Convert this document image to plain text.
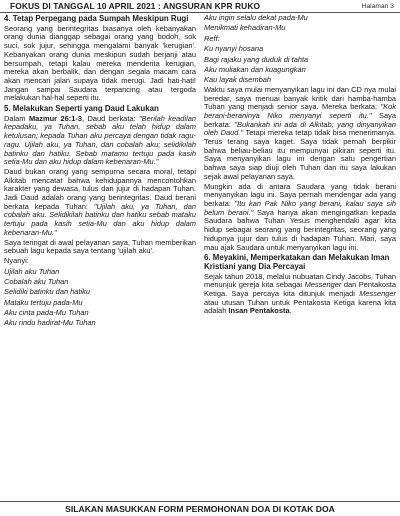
FOKUS DI TANGGAL 10 APRIL 2021 : ANGSURAN KPR RUKO	Halaman 3
4. Tetap Perpegang pada Sumpah Meskipun Rugi

Seorang yang berintegritas biasanya oleh kebanyakan orang dunia dianggap sebagai orang yang bodoh, sok suci, sok jujur, sehingga mengalami banyak 'kerugian'. Kebanyakan orang dunia meskipun sudah berjanji atau bersumpah, tetapi kalau mereka menderita kerugian, mereka akan berbalik, dan dengan segala macam cara akan mencari jalan supaya tidak merugi. Jadi hati-hati! Jangan sampai Saudara terpancing atau tergoda melakukan hal-hal seperti itu.

5. Melakukan Seperti yang Daud Lakukan

Dalam Mazmur 26:1-3, Daud berkata: "Berilah keadilan kepadaku, ya Tuhan, sebab aku telah hidup dalam ketulusan; kepada Tuhan aku percaya dengan tidak ragu-ragu. Ujilah aku, ya Tuhan, dan cobalah aku; selidikilah batinku dan hatiku. Sebab matamu tertuju pada kasih setia-Mu dan aku hidup dalam kebenaran-Mu."

Daud bukan orang yang sempurna secara moral, tetapi Alkitab mencatat bahwa kehidupannya mencontohkan karakter yang dewasa, tulus dan jujur di hadapan Tuhan. Jadi Daud adalah orang yang berintegritas. Daud berani berkata kepada Tuhan: "Ujilah aku, ya Tuhan, dan cobalah aku. Selidikilah batinku dan hatiku sebab mataku tertuju pada kasih setia-Mu dan aku hidup dalam kebenaran-Mu."

Saya teringat di awal pelayanan saya, Tuhan memberikan sebuah lagu kepada saya tentang 'ujilah aku'.

Nyanyi:

Ujilah aku Tuhan
Cobalah aku Tuhan
Selidiki batinku dan hatiku
Mataku tertuju pada-Mu
Aku cinta pada-Mu Tuhan
Aku rindu hadirat-Mu Tuhan
Aku ingin selalu dekat pada-Mu
Menikmati kehadiran-Mu
Reff:
Ku nyanyi hosana
Bagi rajaku yang duduk di tahta
Aku muliakan dan kuagungkan
Kau layak disembah

Waktu saya mulai menyanyikan lagu ini dan CD nya mulai beredar, saya menuai banyak kritik dari hamba-hamba Tuhan yang menjadi senior saya. Mereka berkata: "Kok berani-beraninya Niko menyanyi seperti itu." Saya berkata: "Bukankah ini ada di Alkitab; yang dinyanyikan oleh Daud." Tetapi mereka tetap tidak bisa menerimanya. Terus terang saya kaget. Saya tidak pernah berpikir bahwa beliau-beliau itu mempunyai pikiran seperti itu. Saya menyanyikan lagu ini dengan satu pengertian bahwa saya siap diuji oleh Tuhan dan itu saya lakukan sejak awal pelayanan saya.

Mungkin ada di antara Saudara yang tidak berani menyanyikan lagu ini. Saya pernah mendengar ada yang berkata: "Itu kan Pak Niko yang berani, kalau saya sih belum berani." Saya hanya akan mengingatkan kepada Saudara bahwa Tuhan Yesus menghendaki agar kita hidup sebagai seorang yang berintegritas, seorang yang hidupnya jujur dan tulus di hadapan Tuhan. Mari, saya mau ajak Saudara untuk menyanyikan lagu ini.

6. Meyakini, Memperkatakan dan Melakukan Iman Kristiani yang Dia Percayai

Sejak tahun 2018, melalui nubuatan Cindy Jacobs, Tuhan menunjuk gereja kita sebagai Messenger dan Pentakosta Ketiga. Saya percaya kita ditunjuk menjadi Messenger atau utusan Tuhan untuk Pentakosta Ketiga karena kita adalah Insan Pentakosta.

SILAKAN MASUKKAN FORM PERMOHONAN DOA DI KOTAK DOA
